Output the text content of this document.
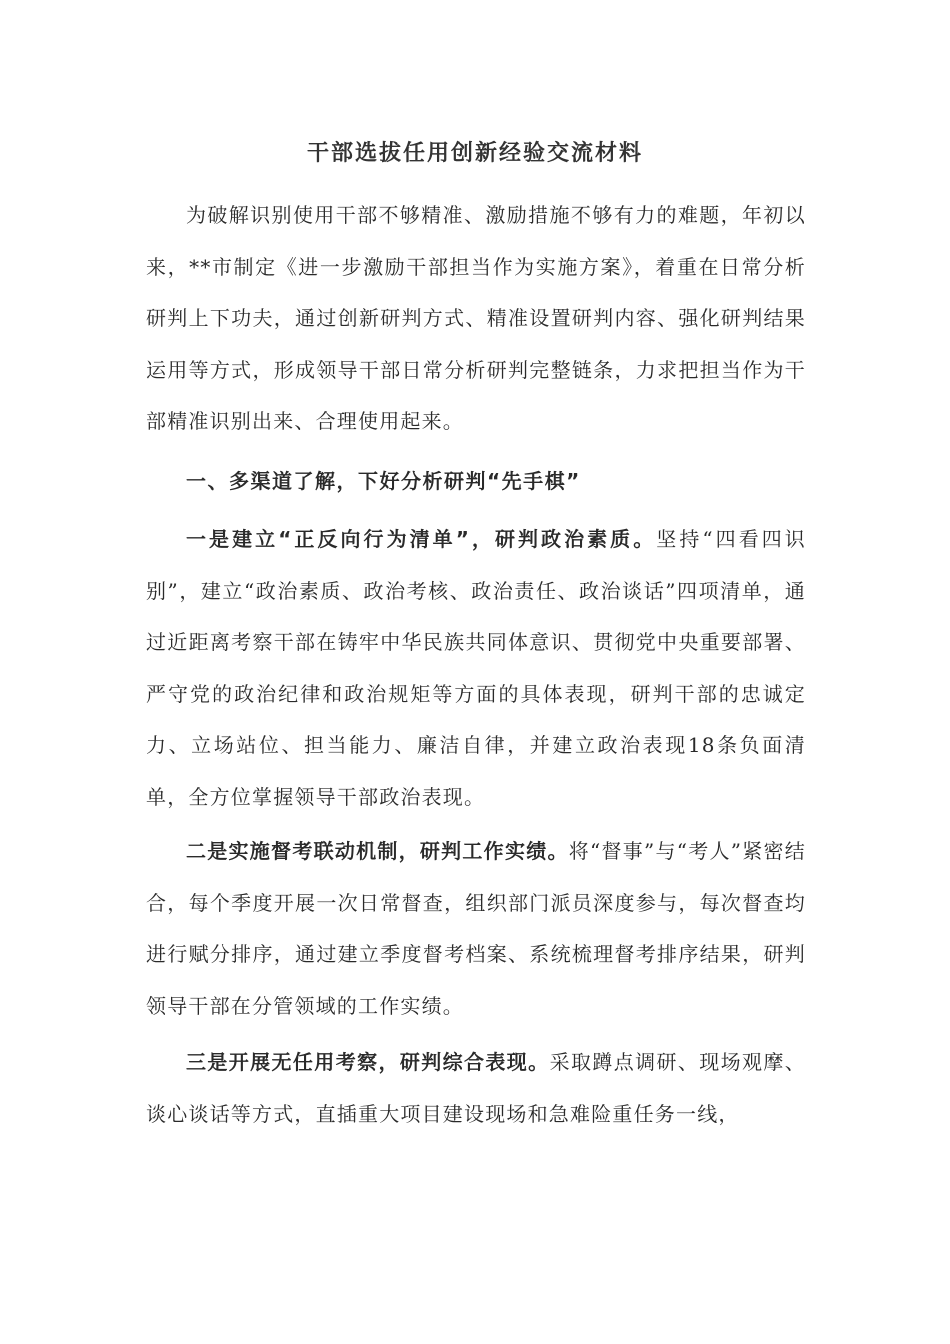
干部选拔任用创新经验交流材料

为破解识别使用干部不够精准、激励措施不够有力的难题，年初以来，**市制定《进一步激励干部担当作为实施方案》，着重在日常分析研判上下功夫，通过创新研判方式、精准设置研判内容、强化研判结果运用等方式，形成领导干部日常分析研判完整链条，力求把担当作为干部精准识别出来、合理使用起来。

一、多渠道了解，下好分析研判“先手棋”

一是建立“正反向行为清单”，研判政治素质。坚持“四看四识别”，建立“政治素质、政治考核、政治责任、政治谈话”四项清单，通过近距离考察干部在铸牢中华民族共同体意识、贯彻党中央重要部署、严守党的政治纪律和政治规矩等方面的具体表现，研判干部的忠诚定力、立场站位、担当能力、廉洁自律，并建立政治表现18条负面清单，全方位掌握领导干部政治表现。

二是实施督考联动机制，研判工作实绩。将“督事”与“考人”紧密结合，每个季度开展一次日常督查，组织部门派员深度参与，每次督查均进行赋分排序，通过建立季度督考档案、系统梳理督考排序结果，研判领导干部在分管领域的工作实绩。

三是开展无任用考察，研判综合表现。采取蹲点调研、现场观摩、谈心谈话等方式，直插重大项目建设现场和急难险重任务一线，
